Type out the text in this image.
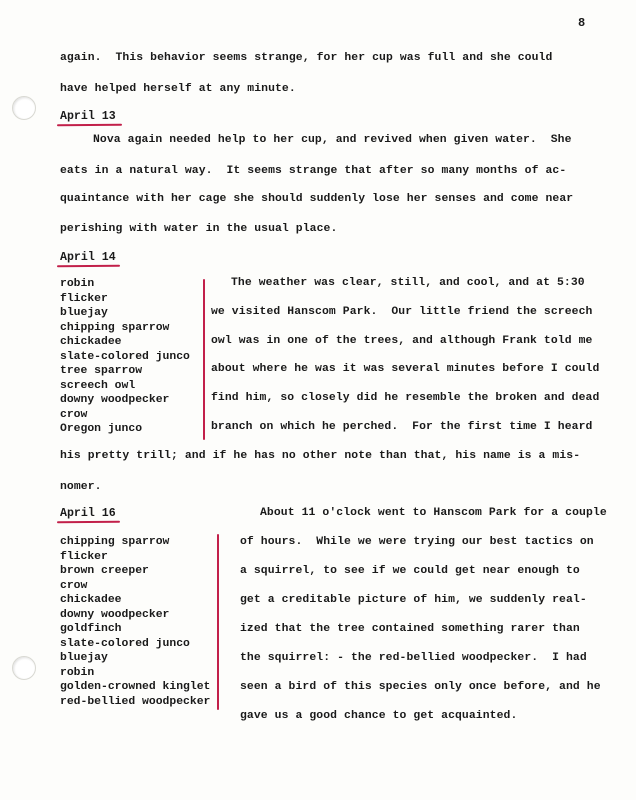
8
again.  This behavior seems strange, for her cup was full and she could
have helped herself at any minute.
April 13
Nova again needed help to her cup, and revived when given water.  She
eats in a natural way.  It seems strange that after so many months of ac-
quaintance with her cage she should suddenly lose her senses and come near
perishing with water in the usual place.
April 14
robin
flicker
bluejay
chipping sparrow
chickadee
slate-colored junco
tree sparrow
screech owl
downy woodpecker
crow
Oregon junco
The weather was clear, still, and cool, and at 5:30
we visited Hanscom Park.  Our little friend the screech
owl was in one of the trees, and although Frank told me
about where he was it was several minutes before I could
find him, so closely did he resemble the broken and dead
branch on which he perched.  For the first time I heard
his pretty trill; and if he has no other note than that, his name is a mis-
nomer.
April 16
chipping sparrow
flicker
brown creeper
crow
chickadee
downy woodpecker
goldfinch
slate-colored junco
bluejay
robin
golden-crowned kinglet
red-bellied woodpecker
About 11 o'clock went to Hanscom Park for a couple
of hours.  While we were trying our best tactics on
a squirrel, to see if we could get near enough to
get a creditable picture of him, we suddenly real-
ized that the tree contained something rarer than
the squirrel: - the red-bellied woodpecker.  I had
seen a bird of this species only once before, and he
gave us a good chance to get acquainted.
